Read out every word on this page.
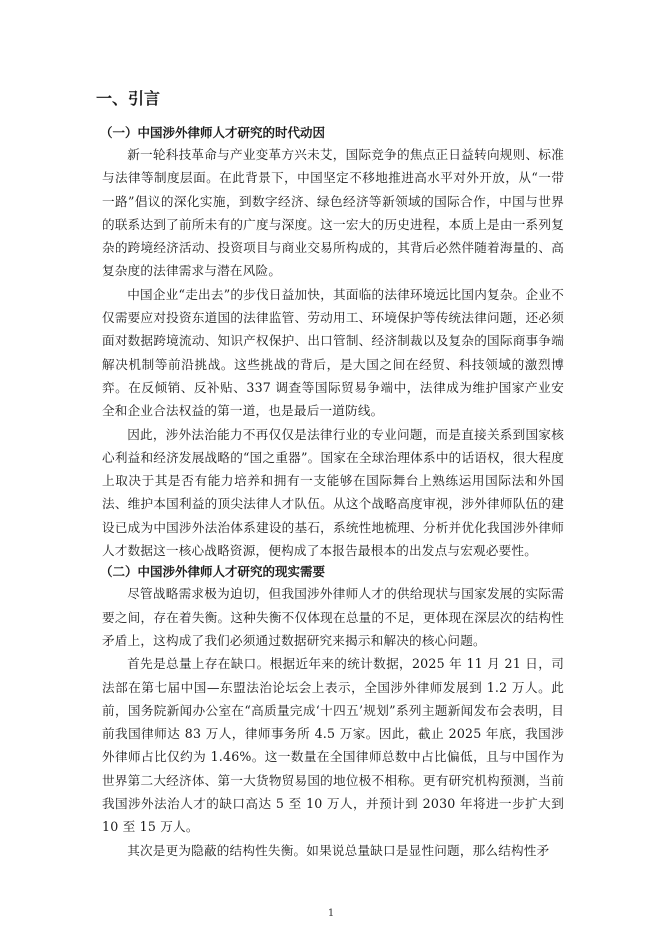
一、引言
（一）中国涉外律师人才研究的时代动因

新一轮科技革命与产业变革方兴未艾，国际竞争的焦点正日益转向规则、标准与法律等制度层面。在此背景下，中国坚定不移地推进高水平对外开放，从“一带一路”倡议的深化实施，到数字经济、绿色经济等新领域的国际合作，中国与世界的联系达到了前所未有的广度与深度。这一宏大的历史进程，本质上是由一系列复杂的跨境经济活动、投资项目与商业交易所构成的，其背后必然伴随着海量的、高复杂度的法律需求与潜在风险。

中国企业“走出去”的步伐日益加快，其面临的法律环境远比国内复杂。企业不仅需要应对投资东道国的法律监管、劳动用工、环境保护等传统法律问题，还必须面对数据跨境流动、知识产权保护、出口管制、经济制裁以及复杂的国际商事争端解决机制等前沿挑战。这些挑战的背后，是大国之间在经贸、科技领域的激烈博弈。在反倾销、反补贴、337 调查等国际贸易争端中，法律成为维护国家产业安全和企业合法权益的第一道，也是最后一道防线。

因此，涉外法治能力不再仅仅是法律行业的专业问题，而是直接关系到国家核心利益和经济发展战略的“国之重器”。国家在全球治理体系中的话语权，很大程度上取决于其是否有能力培养和拥有一支能够在国际舞台上熟练运用国际法和外国法、维护本国利益的顶尖法律人才队伍。从这个战略高度审视，涉外律师队伍的建设已成为中国涉外法治体系建设的基石，系统性地梳理、分析并优化我国涉外律师人才数据这一核心战略资源，便构成了本报告最根本的出发点与宏观必要性。

（二）中国涉外律师人才研究的现实需要

尽管战略需求极为迫切，但我国涉外律师人才的供给现状与国家发展的实际需要之间，存在着失衡。这种失衡不仅体现在总量的不足，更体现在深层次的结构性矛盾上，这构成了我们必须通过数据研究来揭示和解决的核心问题。

首先是总量上存在缺口。根据近年来的统计数据，2025 年 11 月 21 日，司法部在第七届中国—东盟法治论坛会上表示，全国涉外律师发展到 1.2 万人。此前，国务院新闻办公室在“高质量完成‘十四五’规划”系列主题新闻发布会表明，目前我国律师达 83 万人，律师事务所 4.5 万家。因此，截止 2025 年底，我国涉外律师占比仅约为 1.46%。这一数量在全国律师总数中占比偏低，且与中国作为世界第二大经济体、第一大货物贸易国的地位极不相称。更有研究机构预测，当前我国涉外法治人才的缺口高达 5 至 10 万人，并预计到 2030 年将进一步扩大到 10 至 15 万人。

其次是更为隐蔽的结构性失衡。如果说总量缺口是显性问题，那么结构性矛

1
